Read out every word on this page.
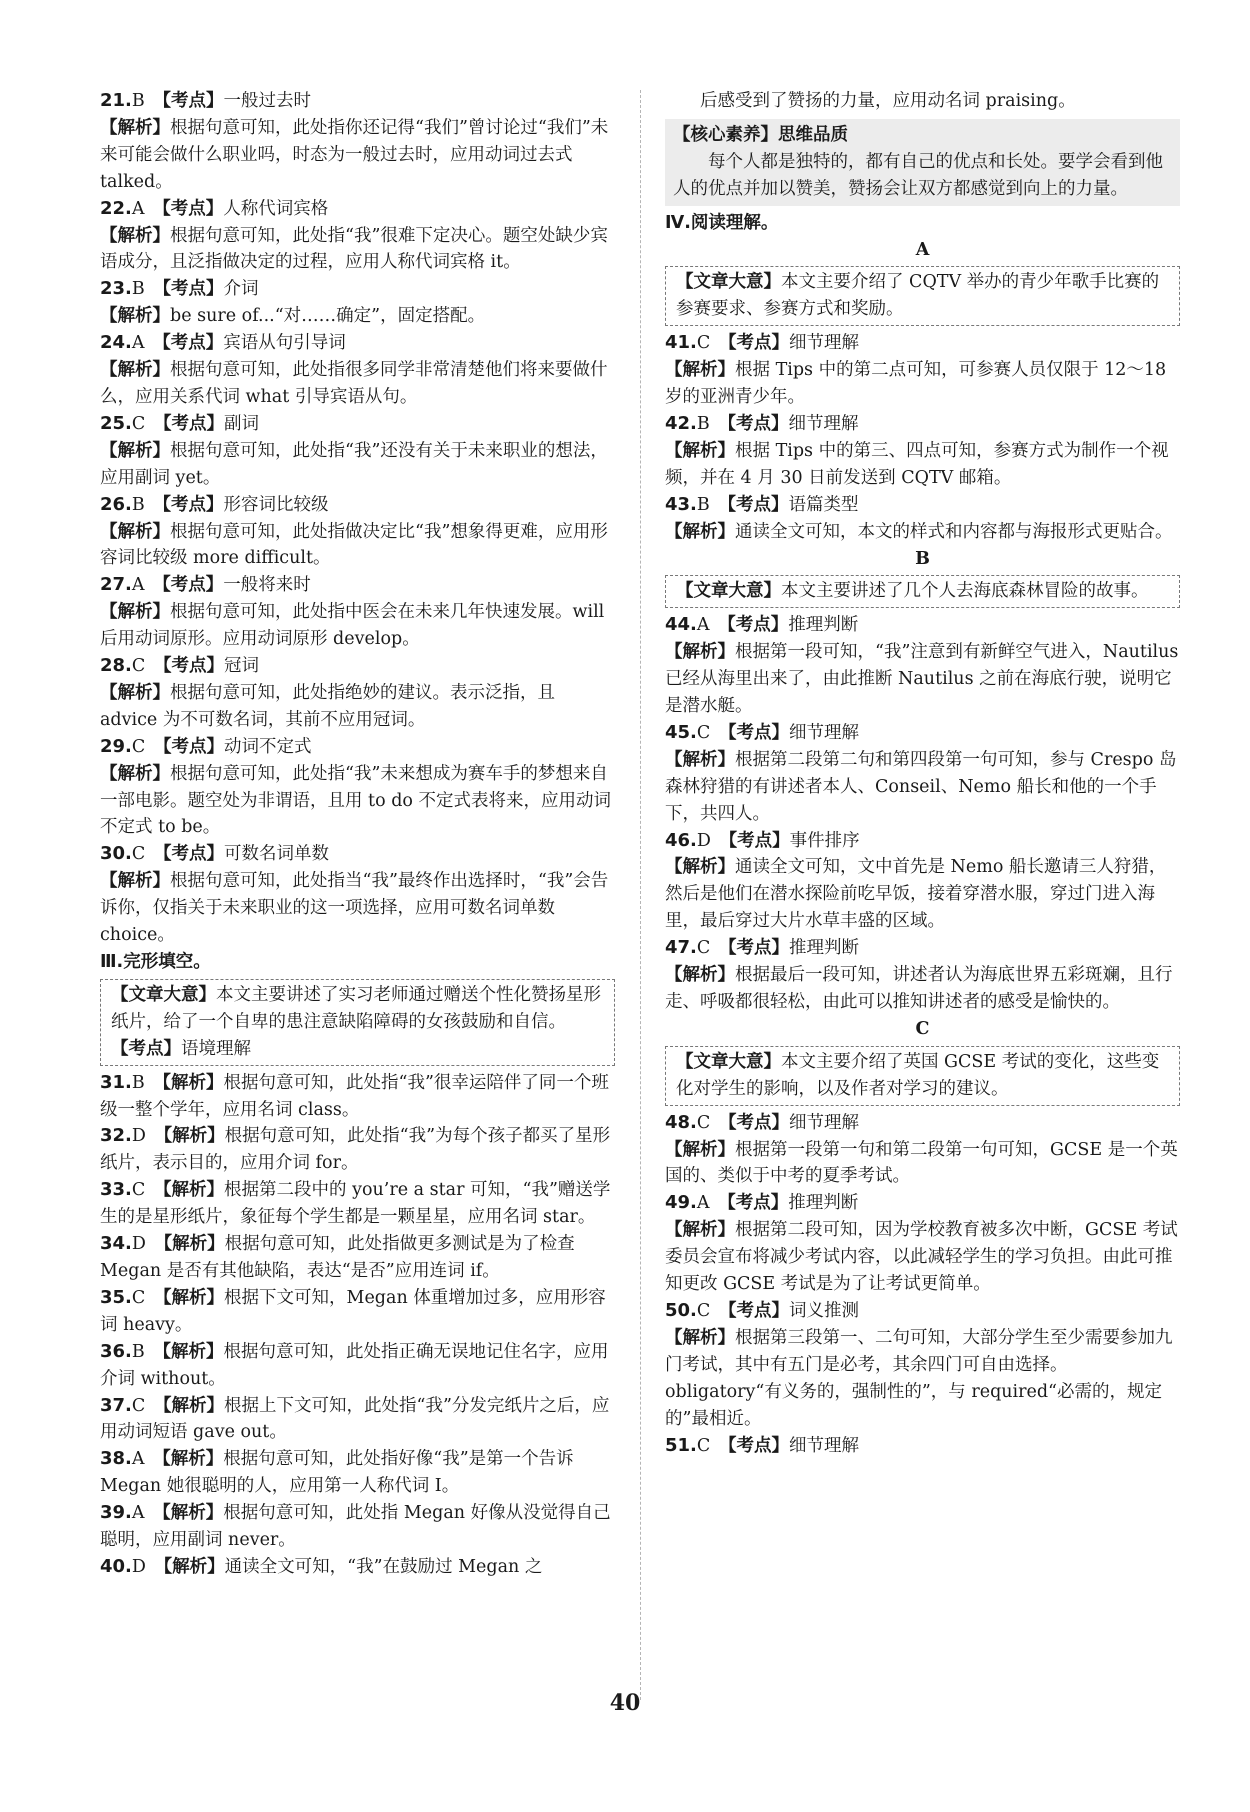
21.B  【考点】一般过去时
【解析】根据句意可知，此处指你还记得“我们”曾讨论过“我们”未来可能会做什么职业吗，时态为一般过去时，应用动词过去式 talked。
22.A  【考点】人称代词宾格
【解析】根据句意可知，此处指“我”很难下定决心。题空处缺少宾语成分，且泛指做决定的过程，应用人称代词宾格 it。
23.B  【考点】介词
【解析】be sure of...“对……确定”，固定搭配。
24.A  【考点】宾语从句引导词
【解析】根据句意可知，此处指很多同学非常清楚他们将来要做什么，应用关系代词 what 引导宾语从句。
25.C  【考点】副词
【解析】根据句意可知，此处指“我”还没有关于未来职业的想法，应用副词 yet。
26.B  【考点】形容词比较级
【解析】根据句意可知，此处指做决定比“我”想象得更难，应用形容词比较级 more difficult。
27.A  【考点】一般将来时
【解析】根据句意可知，此处指中医会在未来几年快速发展。will 后用动词原形。应用动词原形 develop。
28.C  【考点】冠词
【解析】根据句意可知，此处指绝妙的建议。表示泛指，且 advice 为不可数名词，其前不应用冠词。
29.C  【考点】动词不定式
【解析】根据句意可知，此处指“我”未来想成为赛车手的梦想来自一部电影。题空处为非谓语，且用 to do 不定式表将来，应用动词不定式 to be。
30.C  【考点】可数名词单数
【解析】根据句意可知，此处指当“我”最终作出选择时，“我”会告诉你，仅指关于未来职业的这一项选择，应用可数名词单数 choice。
Ⅲ.完形填空。
【文章大意】本文主要讲述了实习老师通过赠送个性化赞扬星形纸片，给了一个自卑的患注意缺陷障碍的女孩鼓励和自信。
【考点】语境理解
31.B  【解析】根据句意可知，此处指“我”很幸运陪伴了同一个班级一整个学年，应用名词 class。
32.D  【解析】根据句意可知，此处指“我”为每个孩子都买了星形纸片，表示目的，应用介词 for。
33.C  【解析】根据第二段中的 you’re a star 可知，“我”赠送学生的是星形纸片，象征每个学生都是一颗星星，应用名词 star。
34.D  【解析】根据句意可知，此处指做更多测试是为了检查 Megan 是否有其他缺陷，表达“是否”应用连词 if。
35.C  【解析】根据下文可知，Megan 体重增加过多，应用形容词 heavy。
36.B  【解析】根据句意可知，此处指正确无误地记住名字，应用介词 without。
37.C  【解析】根据上下文可知，此处指“我”分发完纸片之后，应用动词短语 gave out。
38.A  【解析】根据句意可知，此处指好像“我”是第一个告诉 Megan 她很聪明的人，应用第一人称代词 I。
39.A  【解析】根据句意可知，此处指 Megan 好像从没觉得自己聪明，应用副词 never。
40.D  【解析】通读全文可知，“我”在鼓励过 Megan 之
后感受到了赞扬的力量，应用动名词 praising。
【核心素养】思维品质
每个人都是独特的，都有自己的优点和长处。要学会看到他人的优点并加以赞美，赞扬会让双方都感觉到向上的力量。
Ⅳ.阅读理解。
A
【文章大意】本文主要介绍了 CQTV 举办的青少年歌手比赛的参赛要求、参赛方式和奖励。
41.C  【考点】细节理解
【解析】根据 Tips 中的第二点可知，可参赛人员仅限于 12～18 岁的亚洲青少年。
42.B  【考点】细节理解
【解析】根据 Tips 中的第三、四点可知，参赛方式为制作一个视频，并在 4 月 30 日前发送到 CQTV 邮箱。
43.B  【考点】语篇类型
【解析】通读全文可知，本文的样式和内容都与海报形式更贴合。
B
【文章大意】本文主要讲述了几个人去海底森林冒险的故事。
44.A  【考点】推理判断
【解析】根据第一段可知，“我”注意到有新鲜空气进入，Nautilus 已经从海里出来了，由此推断 Nautilus 之前在海底行驶，说明它是潜水艇。
45.C  【考点】细节理解
【解析】根据第二段第二句和第四段第一句可知，参与 Crespo 岛森林狩猎的有讲述者本人、Conseil、Nemo 船长和他的一个手下，共四人。
46.D  【考点】事件排序
【解析】通读全文可知，文中首先是 Nemo 船长邀请三人狩猎，然后是他们在潜水探险前吃早饭，接着穿潜水服，穿过门进入海里，最后穿过大片水草丰盛的区域。
47.C  【考点】推理判断
【解析】根据最后一段可知，讲述者认为海底世界五彩斑斓，且行走、呼吸都很轻松，由此可以推知讲述者的感受是愉快的。
C
【文章大意】本文主要介绍了英国 GCSE 考试的变化，这些变化对学生的影响，以及作者对学习的建议。
48.C  【考点】细节理解
【解析】根据第一段第一句和第二段第一句可知，GCSE 是一个英国的、类似于中考的夏季考试。
49.A  【考点】推理判断
【解析】根据第二段可知，因为学校教育被多次中断，GCSE 考试委员会宣布将减少考试内容，以此减轻学生的学习负担。由此可推知更改 GCSE 考试是为了让考试更简单。
50.C  【考点】词义推测
【解析】根据第三段第一、二句可知，大部分学生至少需要参加九门考试，其中有五门是必考，其余四门可自由选择。obligatory“有义务的，强制性的”，与 required“必需的，规定的”最相近。
51.C  【考点】细节理解
40
